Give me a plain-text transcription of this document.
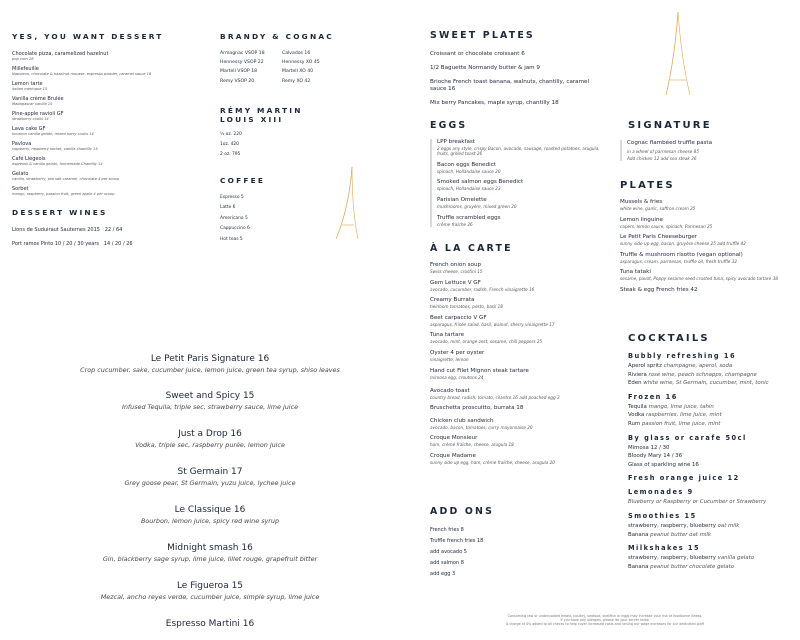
YES, YOU WANT DESSERT
Chocolate pizza, caramelized hazelnut
pop corn 28
Millefeuille
Napoleon, chocolate & hazelnut mousse, espresso powder, caramel sauce 16
Lemon tarte
italian meringue 15
Vanilla crème Brulée
Madagascar vanilla 15
Pine-apple ravioli GF
strawberry coulis 14
Lava cake GF
bourbon vanilla gelato, mixed berry coulis 14
Pavlova
raspberry, raspberry sorbet, vanilla chantilly 15
Café Liégeois
espresso & vanilla gelato, homemade Chantilly 14
Gelato
vanilla, strawberry, sea salt caramel, chocolate 4 per scoop
Sorbet
mango, raspberry, passion fruit, green apple 4 per scoop
DESSERT WINES
Lions de Suduiraut Sauternes 2015 22 / 64
Port ramos Pinto 10 / 20 / 30 years 14 / 20 / 26
BRANDY & COGNAC
Armagnac VSOP 18	Calvados 16
Hennessy VSOP 22	Hennessy XO 45
Martell VSOP 18	Martell XO 40
Remy VSOP 20	Remy XO 42
RÉMY MARTIN
LOUIS XIII
½ oz. 220
1oz. 420
2 oz. 795
COFFEE
Espresso 5
Latte 6
Americano 5
Cappuccino 6
Hot teas 5
Le Petit Paris Signature 16
Crop cucumber, sake, cucumber juice, lemon juice, green tea syrup, shiso leaves
Sweet and Spicy 15
Infused Tequila, triple sec, strawberry sauce, lime juice
Just a Drop 16
Vodka, triple sec, raspberry purée, lemon juice
St Germain 17
Grey goose pear, St Germain, yuzu juice, lychee juice
Le Classique 16
Bourbon, lemon juice, spicy red wine syrup
Midnight smash 16
Gin, blackberry sage syrup, lime juice, lillet rouge, grapefruit bitter
Le Figueroa 15
Mezcal, ancho reyes verde, cucumber juice, simple syrup, lime juice
Espresso Martini 16
SWEET PLATES
Croissant or chocolate croissant 6
1/2 Baguette Normandy butter & jam 9
Brioche French toast banana, walnuts, chantilly, caramel sauce 16
Mix berry Pancakes, maple syrup, chantilly 18
EGGS
LPP breakfast
2 eggs any style, crispy Bacon, avocado, sausage, roasted potatoes, arugula, fruits, grilled toast 26
Bacon eggs Benedict
spinach, Hollandaise sauce 20
Smoked salmon eggs Benedict
spinach, Hollandaise sauce 23
Parisian Omelette
mushrooms, gruyère, mixed green 20
Truffle scrambled eggs
crème fraîche 26
À LA CARTE
French onion soup
Swiss cheese, crostini 15
Gem Lettuce V GF
avocado, cucumber, radish, French vinaigrette 16
Creamy Burrata
heirloom tomatoes, pesto, basil 18
Beet carpaccio V GF
asparagus, frisée salad, basil, walnut, sherry vinaigrette 17
Tuna tartare
avocado, mint, orange zest, sesame, chili peppers 25
Oyster 4 per oyster
vinaigrette, lemon
Hand cut Filet Mignon steak tartare
mimosa egg, croutons 24
Avocado toast
country bread, radish, tomato, cilantro 16 add poached egg 3
Bruschetta proscuitto, burrata 18
Chicken club sandwich
avocado, bacon, tomatoes, curry mayonnaise 20
Croque Monsieur
ham, crème fraîche, cheese, arugula 18
Croque Madame
sunny side up egg, ham, crème fraîche, cheese, arugula 20
ADD ONS
French fries 8
Truffle french fries 18
add avocado 5
add salmon 8
add egg 3
SIGNATURE
Cognac flambéed truffle pasta
in a wheel of parmesan cheese 85
Add chicken 12 add sea steak 36
PLATES
Mussels & fries
white wine, garlic, saffron cream 25
Lemon linguine
capers, lemon sauce, spinach, Parmesan 25
Le Petit Paris Cheeseburger
sunny side-up egg, bacon, gruyère cheese 25 add truffle 42
Truffle & mushroom risotto (vegan optional)
asparagus, cream, parmesan, truffle oil, fresh truffle 32
Tuna tataki
sesame, pavot, Poppy sesame seed crusted tuna, spicy avocado tartare 38
Steak & egg French fries 42
COCKTAILS
Bubbly refreshing 16
Aperol spritz champagne, aperol, soda
Riviera rosé wine, peach schnapps, champagne
Eden white wine, St Germain, cucumber, mint, tonic
Frozen 16
Tequila mango, lime juice, tahin
Vodka raspberries, lime juice, mint
Rum passion fruit, lime juice, mint
By glass or carafe 50cl
Mimosa 12 / 30
Bloody Mary 14 / 36
Glass of sparkling wine 16
Fresh orange juice 12
Lemonades 9
Blueberry or Raspberry or Cucumber or Strawberry
Smoothies 15
strawberry, raspberry, blueberry oat milk
Banana peanut butter oat milk
Milkshakes 15
strawberry, raspberry, blueberry vanilla gelato
Banana peanut butter chocolate gelato
Consuming raw or undercooked meats, poultry, seafood, shellfish or eggs may increase your risk of foodborne illness.
If you have any allergies, please let your server know.
A charge of 4% added to all checks to help cover increased costs and raising our wage increases for our dedicated staff
